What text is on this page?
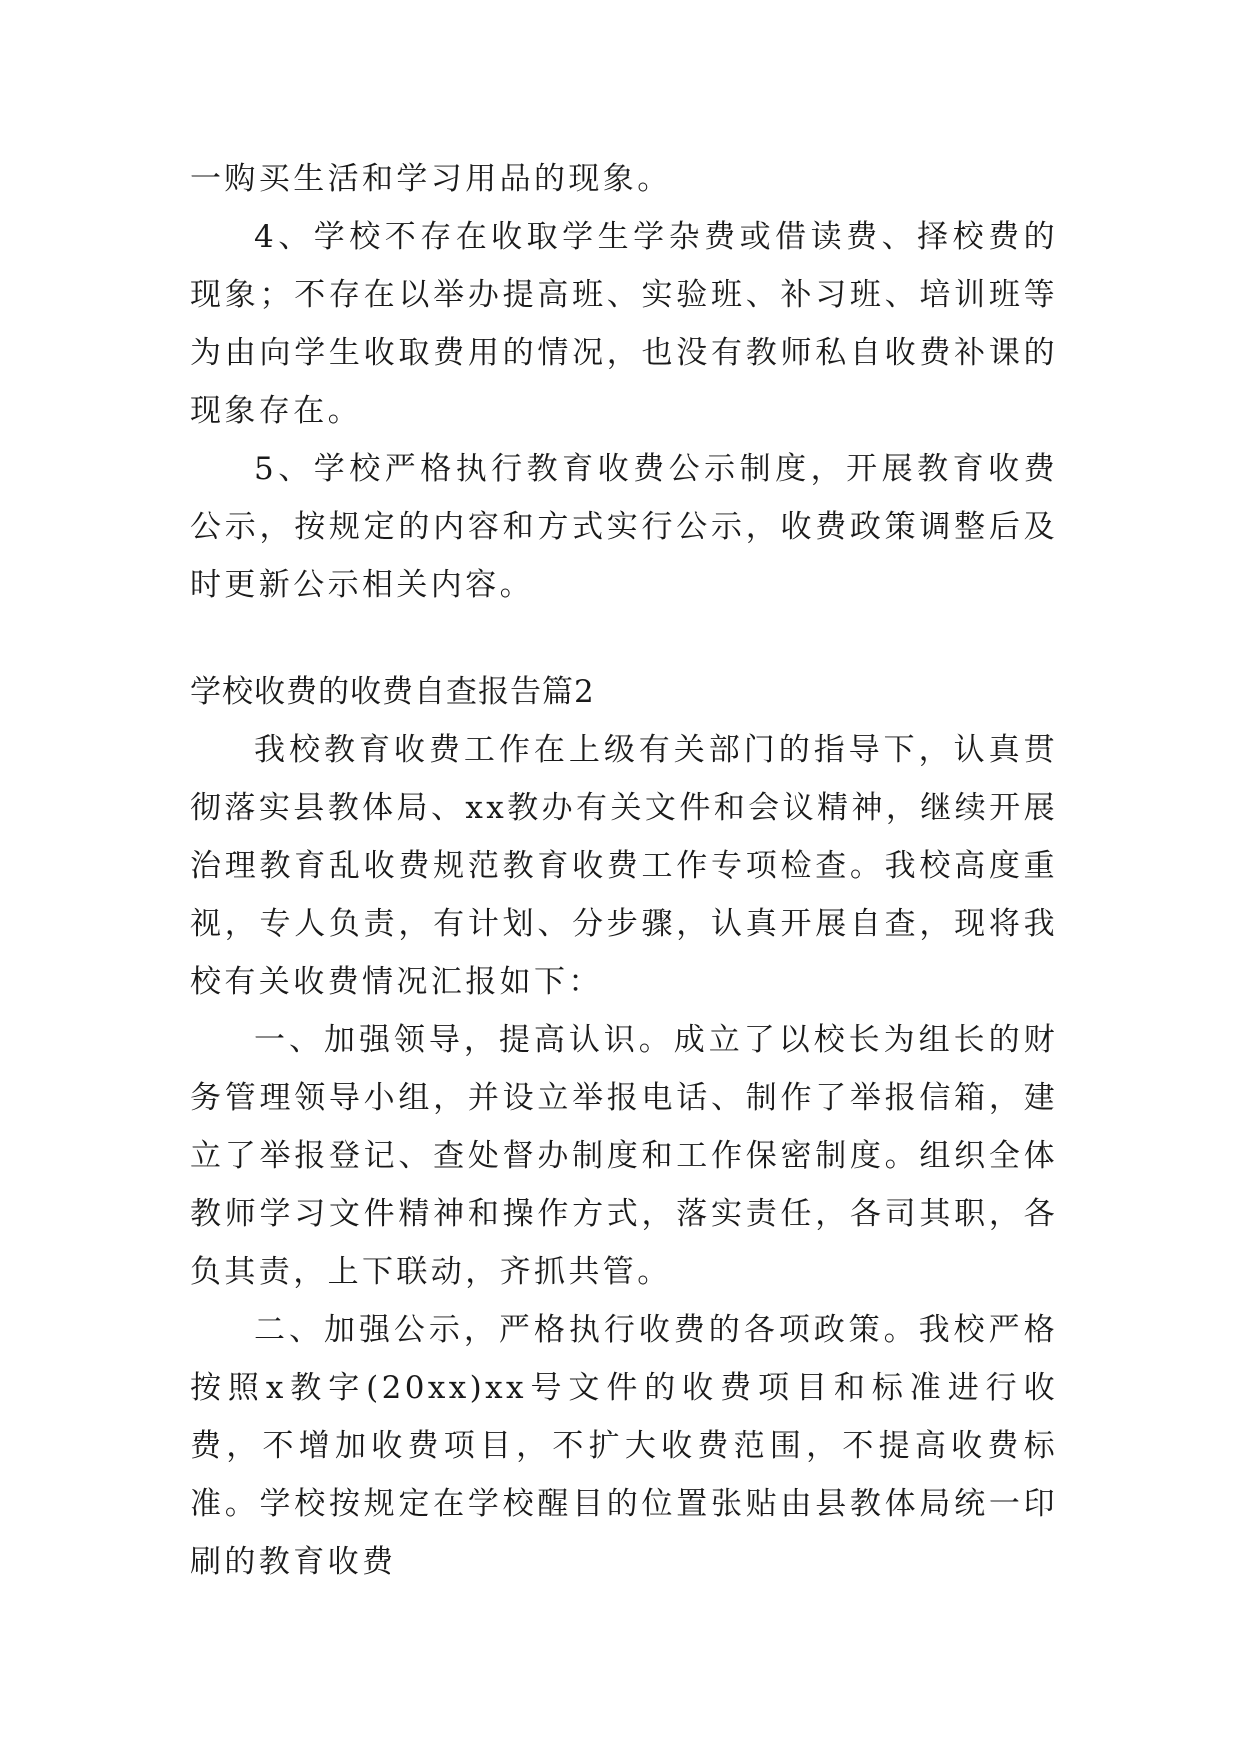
一购买生活和学习用品的现象。

4、学校不存在收取学生学杂费或借读费、择校费的现象；不存在以举办提高班、实验班、补习班、培训班等为由向学生收取费用的情况，也没有教师私自收费补课的现象存在。

5、学校严格执行教育收费公示制度，开展教育收费公示，按规定的内容和方式实行公示，收费政策调整后及时更新公示相关内容。

学校收费的收费自查报告篇2

我校教育收费工作在上级有关部门的指导下，认真贯彻落实县教体局、xx教办有关文件和会议精神，继续开展治理教育乱收费规范教育收费工作专项检查。我校高度重视，专人负责，有计划、分步骤，认真开展自查，现将我校有关收费情况汇报如下：

一、加强领导，提高认识。成立了以校长为组长的财务管理领导小组，并设立举报电话、制作了举报信箱，建立了举报登记、查处督办制度和工作保密制度。组织全体教师学习文件精神和操作方式，落实责任，各司其职，各负其责，上下联动，齐抓共管。

二、加强公示，严格执行收费的各项政策。我校严格按照x教字(20xx)xx号文件的收费项目和标准进行收费，不增加收费项目，不扩大收费范围，不提高收费标准。学校按规定在学校醒目的位置张贴由县教体局统一印刷的教育收费
